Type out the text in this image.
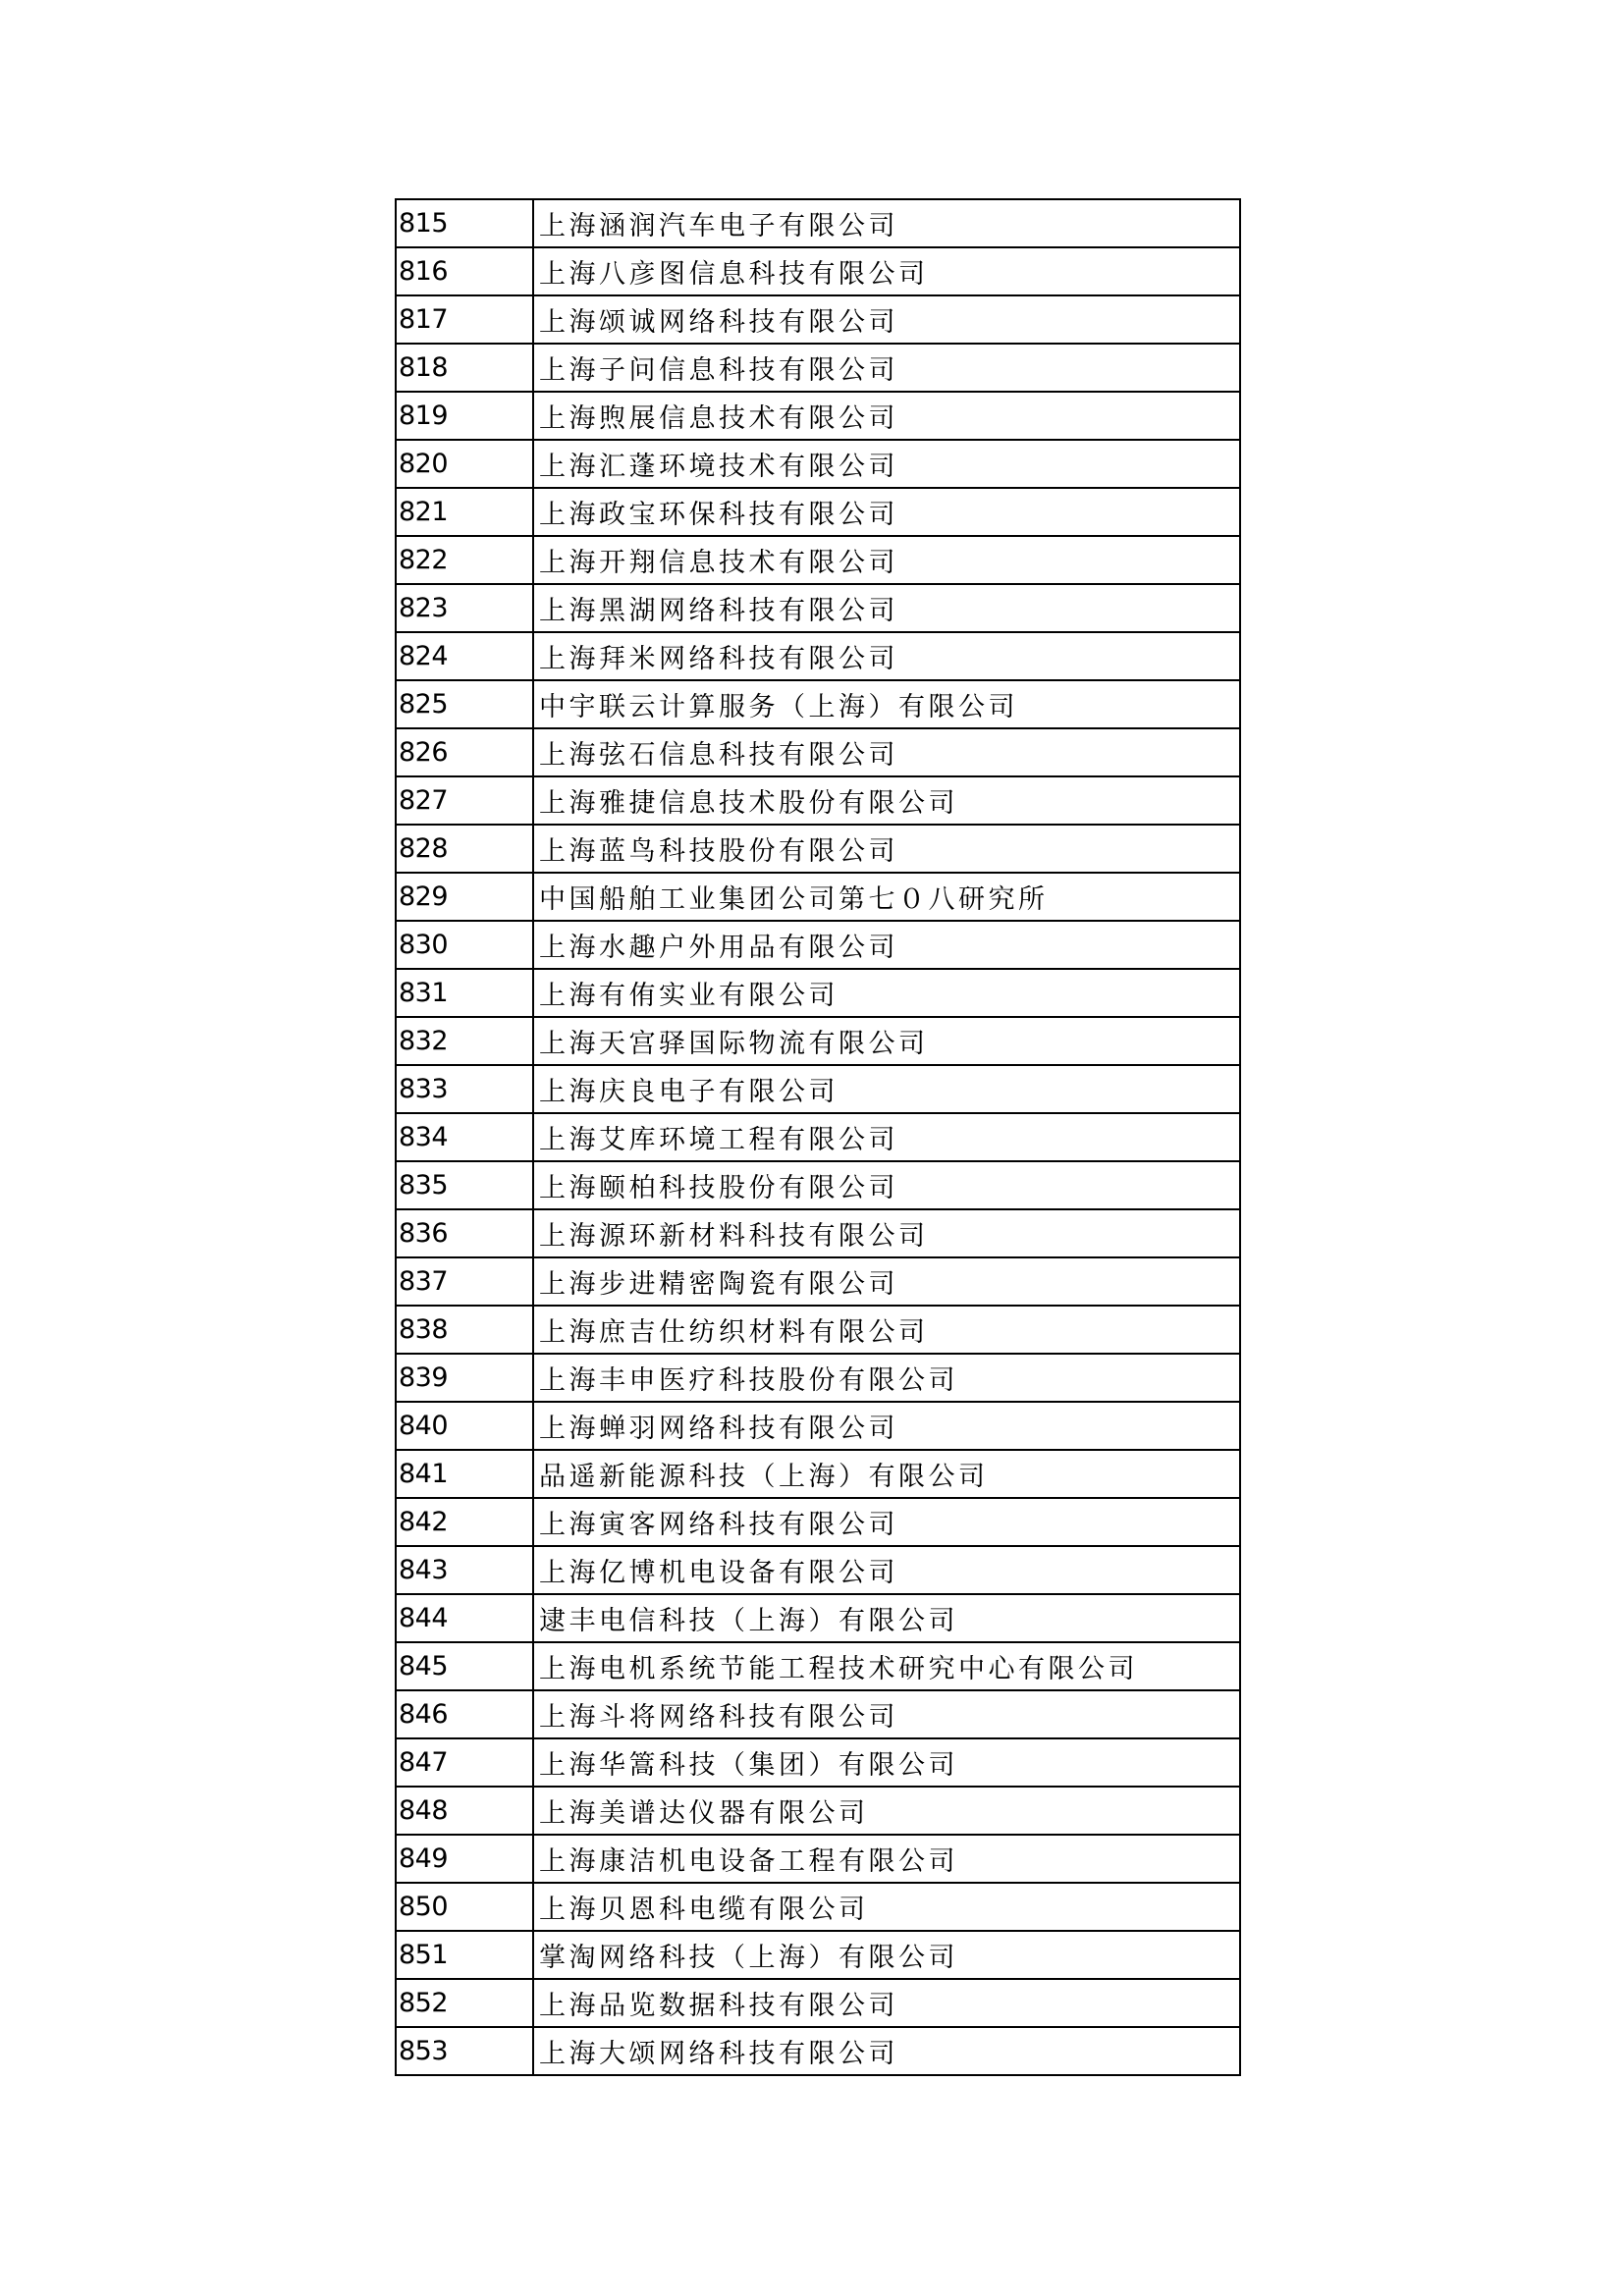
815	上海涵润汽车电子有限公司
816	上海八彦图信息科技有限公司
817	上海颂诚网络科技有限公司
818	上海子问信息科技有限公司
819	上海煦展信息技术有限公司
820	上海汇蓬环境技术有限公司
821	上海政宝环保科技有限公司
822	上海开翔信息技术有限公司
823	上海黑湖网络科技有限公司
824	上海拜米网络科技有限公司
825	中宇联云计算服务（上海）有限公司
826	上海弦石信息科技有限公司
827	上海雅捷信息技术股份有限公司
828	上海蓝鸟科技股份有限公司
829	中国船舶工业集团公司第七０八研究所
830	上海水趣户外用品有限公司
831	上海有侑实业有限公司
832	上海天宫驿国际物流有限公司
833	上海庆良电子有限公司
834	上海艾库环境工程有限公司
835	上海颐柏科技股份有限公司
836	上海源环新材料科技有限公司
837	上海步进精密陶瓷有限公司
838	上海庶吉仕纺织材料有限公司
839	上海丰申医疗科技股份有限公司
840	上海蝉羽网络科技有限公司
841	品遥新能源科技（上海）有限公司
842	上海寅客网络科技有限公司
843	上海亿博机电设备有限公司
844	逮丰电信科技（上海）有限公司
845	上海电机系统节能工程技术研究中心有限公司
846	上海斗将网络科技有限公司
847	上海华篙科技（集团）有限公司
848	上海美谱达仪器有限公司
849	上海康洁机电设备工程有限公司
850	上海贝恩科电缆有限公司
851	掌淘网络科技（上海）有限公司
852	上海品览数据科技有限公司
853	上海大颂网络科技有限公司
